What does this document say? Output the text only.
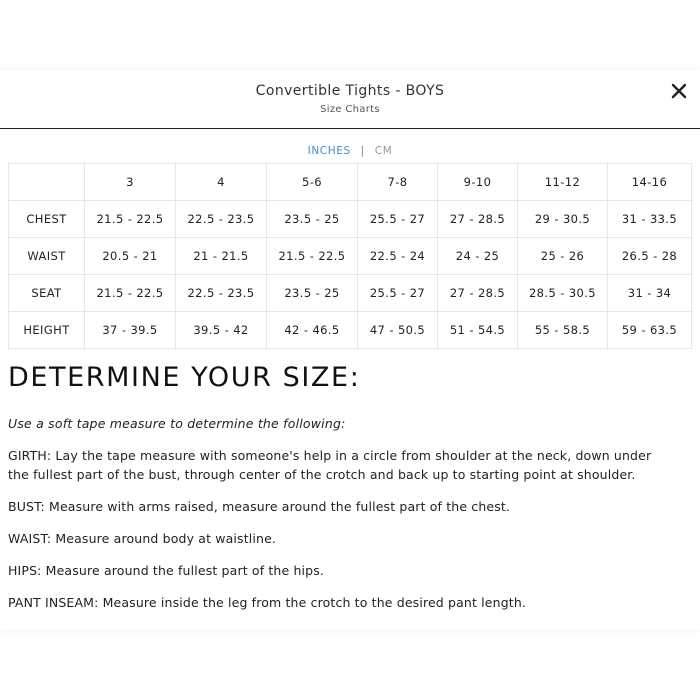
Convertible Tights - BOYS
Size Charts
INCHES | CM
	3	4	5-6	7-8	9-10	11-12	14-16
CHEST	21.5 - 22.5	22.5 - 23.5	23.5 - 25	25.5 - 27	27 - 28.5	29 - 30.5	31 - 33.5
WAIST	20.5 - 21	21 - 21.5	21.5 - 22.5	22.5 - 24	24 - 25	25 - 26	26.5 - 28
SEAT	21.5 - 22.5	22.5 - 23.5	23.5 - 25	25.5 - 27	27 - 28.5	28.5 - 30.5	31 - 34
HEIGHT	37 - 39.5	39.5 - 42	42 - 46.5	47 - 50.5	51 - 54.5	55 - 58.5	59 - 63.5
DETERMINE YOUR SIZE:
Use a soft tape measure to determine the following:
GIRTH: Lay the tape measure with someone's help in a circle from shoulder at the neck, down under the fullest part of the bust, through center of the crotch and back up to starting point at shoulder.
BUST: Measure with arms raised, measure around the fullest part of the chest.
WAIST: Measure around body at waistline.
HIPS: Measure around the fullest part of the hips.
PANT INSEAM: Measure inside the leg from the crotch to the desired pant length.
